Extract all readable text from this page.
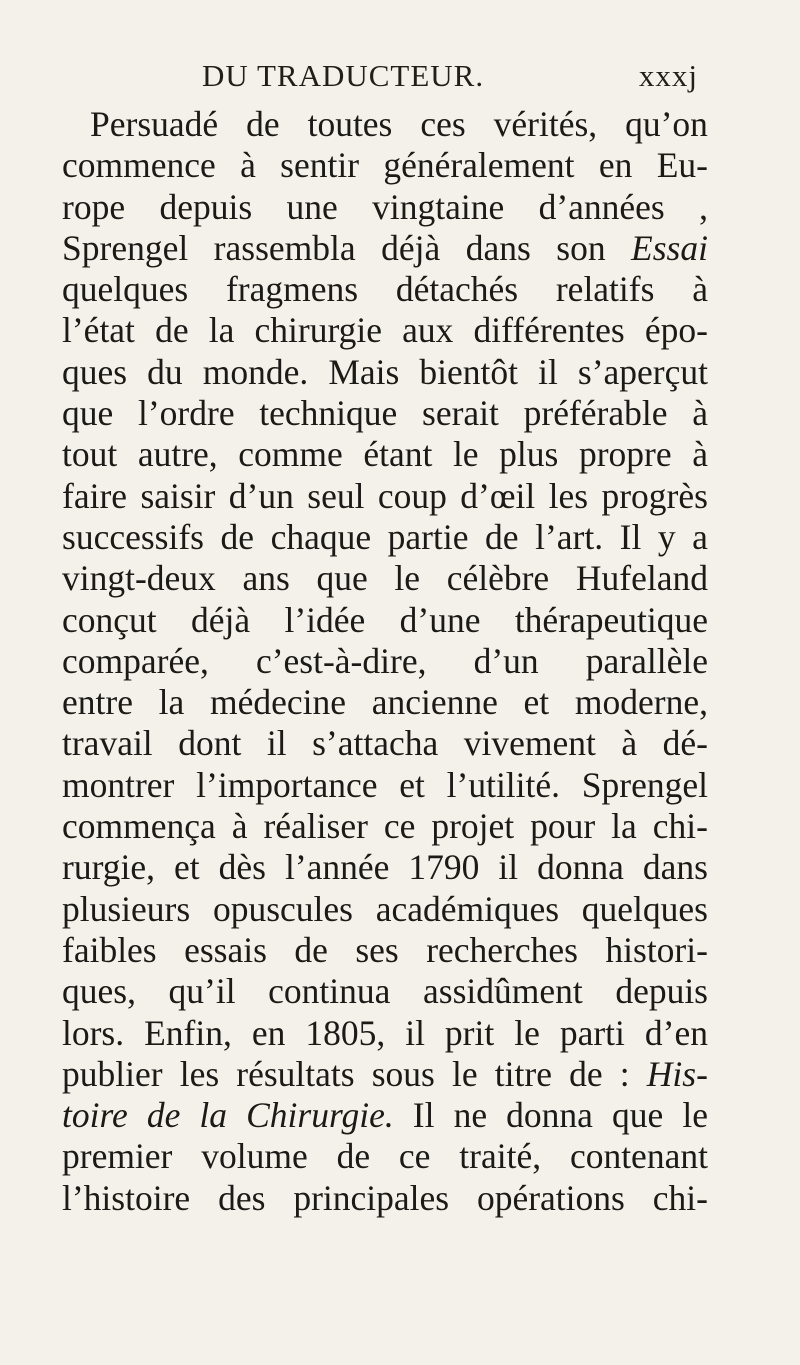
DU TRADUCTEUR.	xxxj
Persuadé de toutes ces vérités, qu’on
commence à sentir généralement en Eu-
rope depuis une vingtaine d’années ,
Sprengel rassembla déjà dans son Essai
quelques fragmens détachés relatifs à
l’état de la chirurgie aux différentes épo-
ques du monde. Mais bientôt il s’aperçut
que l’ordre technique serait préférable à
tout autre, comme étant le plus propre à
faire saisir d’un seul coup d’œil les progrès
successifs de chaque partie de l’art. Il y a
vingt-deux ans que le célèbre Hufeland
conçut déjà l’idée d’une thérapeutique
comparée, c’est-à-dire, d’un parallèle
entre la médecine ancienne et moderne,
travail dont il s’attacha vivement à dé-
montrer l’importance et l’utilité. Sprengel
commença à réaliser ce projet pour la chi-
rurgie, et dès l’année 1790 il donna dans
plusieurs opuscules académiques quelques
faibles essais de ses recherches histori-
ques, qu’il continua assidûment depuis
lors. Enfin, en 1805, il prit le parti d’en
publier les résultats sous le titre de : His-
toire de la Chirurgie. Il ne donna que le
premier volume de ce traité, contenant
l’histoire des principales opérations chi-
